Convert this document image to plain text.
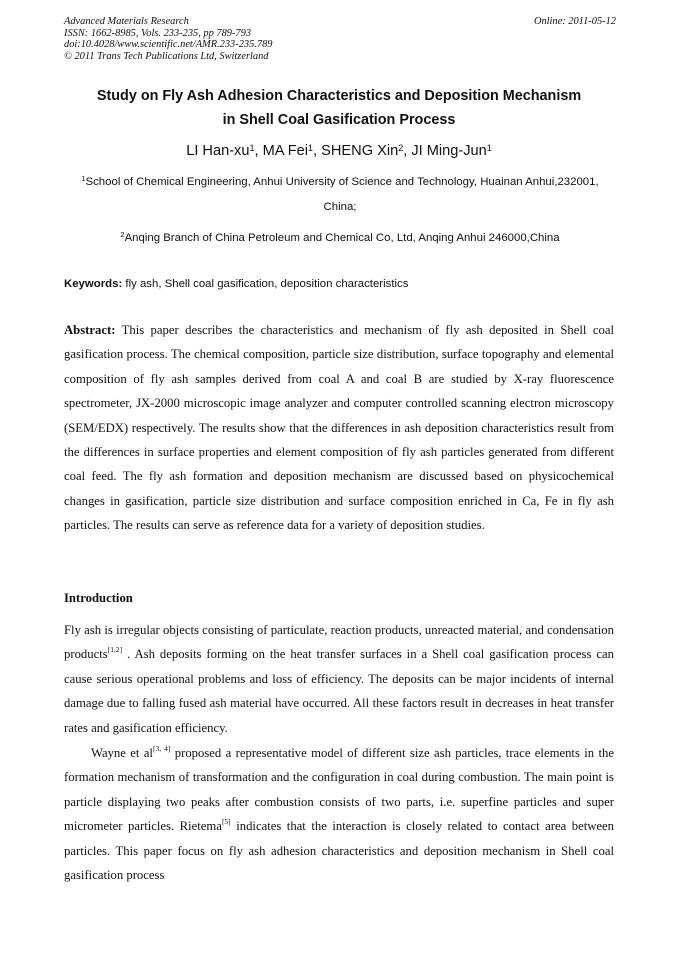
Advanced Materials Research
ISSN: 1662-8985, Vols. 233-235, pp 789-793
doi:10.4028/www.scientific.net/AMR.233-235.789
© 2011 Trans Tech Publications Ltd, Switzerland
Online: 2011-05-12
Study on Fly Ash Adhesion Characteristics and Deposition Mechanism
in Shell Coal Gasification Process
LI Han-$xu^1$, MA Fei$^1$, SHENG Xin$^2$, JI Ming-Jun$^1$
$^1$School of Chemical Engineering, Anhui University of Science and Technology, Huainan Anhui,232001, China;
$^2$Anqing Branch of China Petroleum and Chemical Co, Ltd, Anqing Anhui 246000,China
Keywords: fly ash, Shell coal gasification, deposition characteristics
Abstract: This paper describes the characteristics and mechanism of fly ash deposited in Shell coal gasification process. The chemical composition, particle size distribution, surface topography and elemental composition of fly ash samples derived from coal A and coal B are studied by X-ray fluorescence spectrometer, JX-2000 microscopic image analyzer and computer controlled scanning electron microscopy (SEM/EDX) respectively. The results show that the differences in ash deposition characteristics result from the differences in surface properties and element composition of fly ash particles generated from different coal feed. The fly ash formation and deposition mechanism are discussed based on physicochemical changes in gasification, particle size distribution and surface composition enriched in Ca, Fe in fly ash particles. The results can serve as reference data for a variety of deposition studies.
Introduction
Fly ash is irregular objects consisting of particulate, reaction products, unreacted material, and condensation products[1,2] . Ash deposits forming on the heat transfer surfaces in a Shell coal gasification process can cause serious operational problems and loss of efficiency. The deposits can be major incidents of internal damage due to falling fused ash material have occurred. All these factors result in decreases in heat transfer rates and gasification efficiency.
Wayne et al[3, 4] proposed a representative model of different size ash particles, trace elements in the formation mechanism of transformation and the configuration in coal during combustion. The main point is particle displaying two peaks after combustion consists of two parts, i.e. superfine particles and super micrometer particles. Rietema[5] indicates that the interaction is closely related to contact area between particles. This paper focus on fly ash adhesion characteristics and deposition mechanism in Shell coal gasification process
